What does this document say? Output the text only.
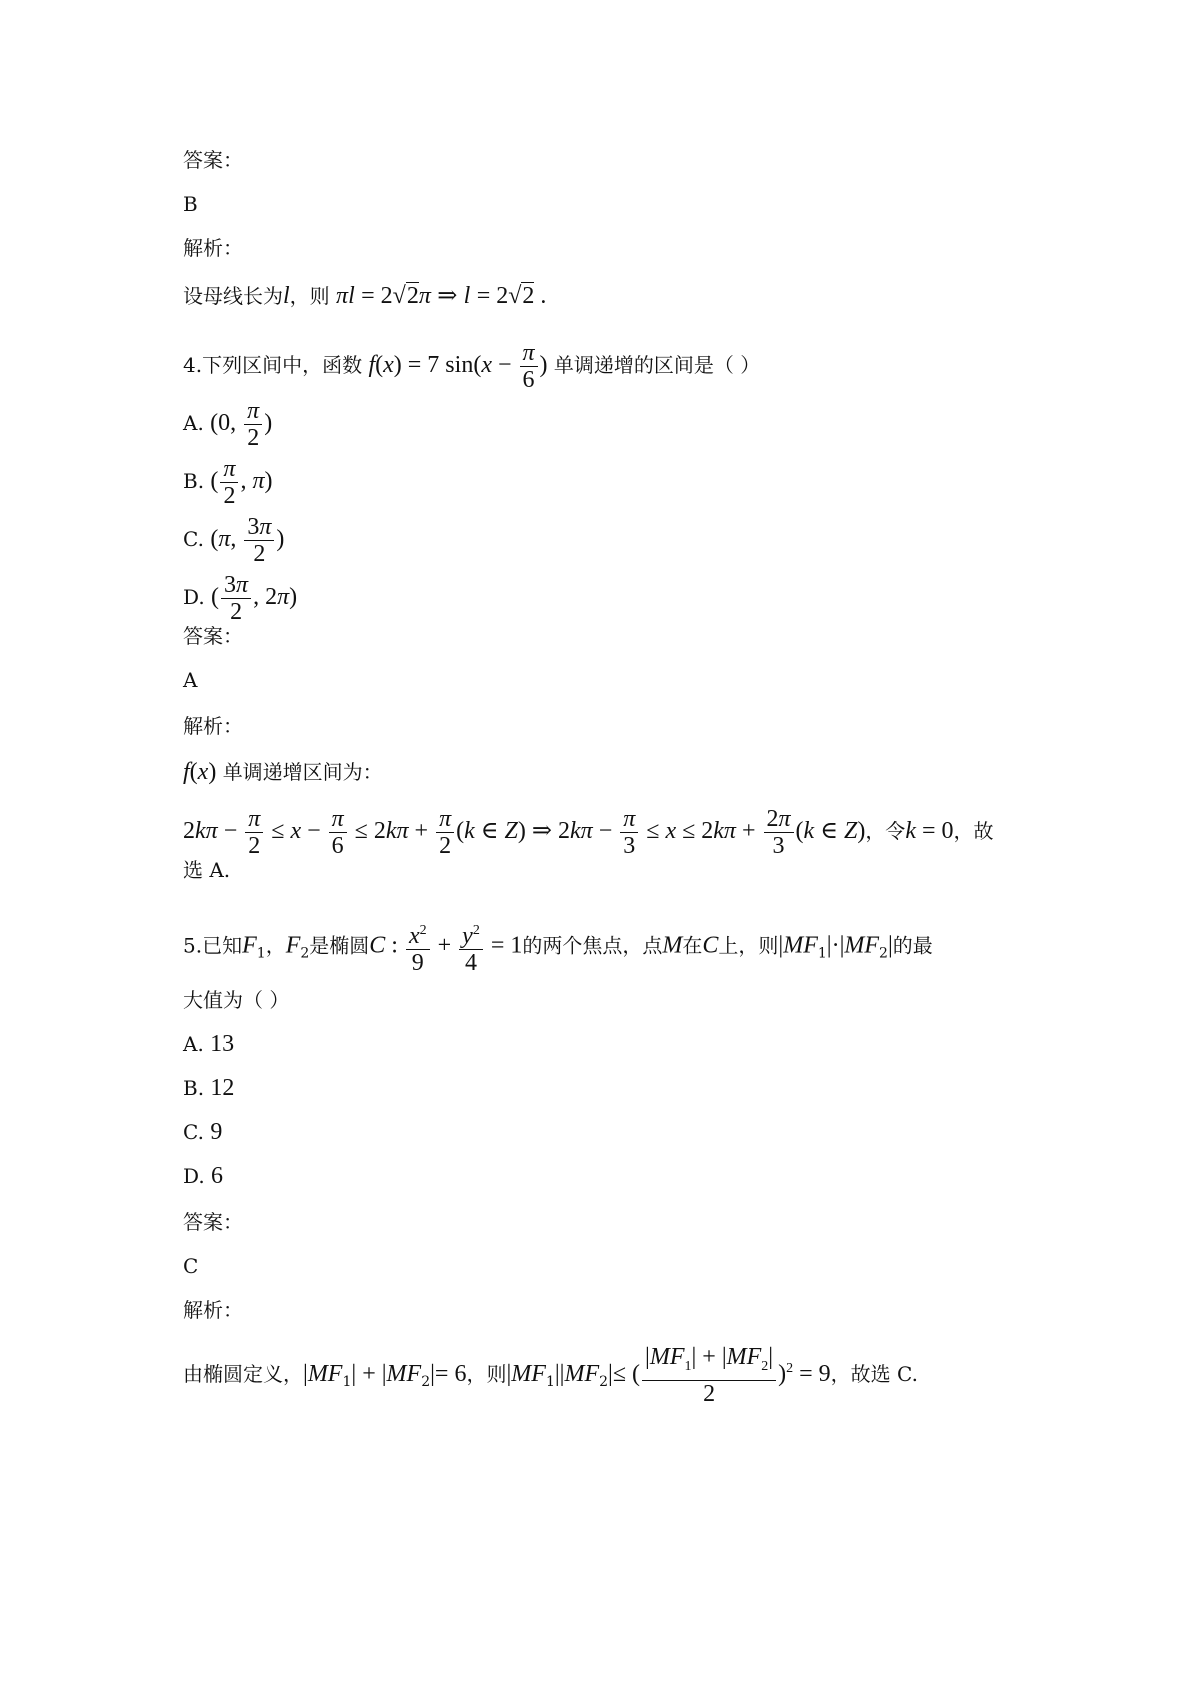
答案：
B
解析：
设母线长为l，则 πl = 2√2π ⇒ l = 2√2 .
4.下列区间中，函数 f(x) = 7 $\sin(x - \frac{\pi}{6}$ ) 单调递增的区间是（ ）
A. (0, $\frac{\pi}{2}$ )
B. ( $\frac{\pi}{2}$ , π)
C. (π, $\frac{3\pi}{2}$ )
D. ( $\frac{3\pi}{2}$ , 2π)
答案：
A
解析：
f(x) 单调递增区间为：
$2k\pi - \frac{\pi}{2} \le x - \frac{\pi}{6} \le 2k\pi + \frac{\pi}{2} (k$ ∈ Z) ⇒ $2k\pi - \frac{\pi}{3} \le x \le 2k\pi + \frac{2\pi}{3} (k$ ∈ Z)，令k = 0，故
选 A.
5.已知$F_1$，$F_2$是椭圆C : $\frac{x^2}{9} + \frac{y^2}{4} = 1$的两个焦点，点M在C上，则$|MF_1|\cdot|MF_2|$的最
大值为（ ）
A. 13
B. 12
C. 9
D. 6
答案：
C
解析：
由椭圆定义，$|MF_1| + |MF_2|= 6$，则$|MF_1||MF_2|\le$ ( $\frac{|MF_1| + |MF_2|}{2} )^2 = 9$，故选 C.
